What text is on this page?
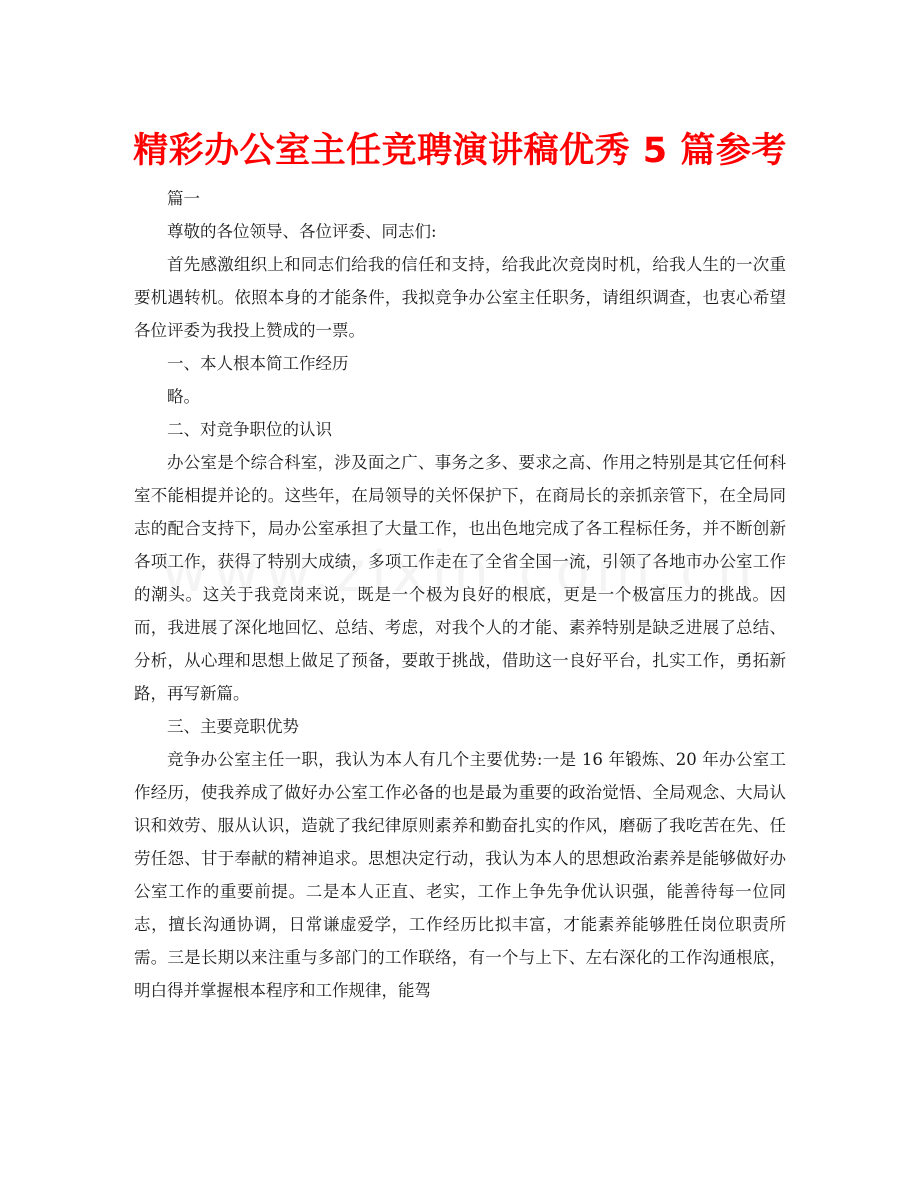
精彩办公室主任竞聘演讲稿优秀 5 篇参考

篇一

尊敬的各位领导、各位评委、同志们:

首先感激组织上和同志们给我的信任和支持，给我此次竞岗时机，给我人生的一次重要机遇转机。依照本身的才能条件，我拟竞争办公室主任职务，请组织调查，也衷心希望各位评委为我投上赞成的一票。

一、本人根本简工作经历

略。

二、对竞争职位的认识

办公室是个综合科室，涉及面之广、事务之多、要求之高、作用之特别是其它任何科室不能相提并论的。这些年，在局领导的关怀保护下，在商局长的亲抓亲管下，在全局同志的配合支持下，局办公室承担了大量工作，也出色地完成了各工程标任务，并不断创新各项工作，获得了特别大成绩，多项工作走在了全省全国一流，引领了各地市办公室工作的潮头。这关于我竞岗来说，既是一个极为良好的根底，更是一个极富压力的挑战。因而，我进展了深化地回忆、总结、考虑，对我个人的才能、素养特别是缺乏进展了总结、分析，从心理和思想上做足了预备，要敢于挑战，借助这一良好平台，扎实工作，勇拓新路，再写新篇。

三、主要竞职优势

竞争办公室主任一职，我认为本人有几个主要优势:一是 16 年锻炼、20 年办公室工作经历，使我养成了做好办公室工作必备的也是最为重要的政治觉悟、全局观念、大局认识和效劳、服从认识，造就了我纪律原则素养和勤奋扎实的作风，磨砺了我吃苦在先、任劳任怨、甘于奉献的精神追求。思想决定行动，我认为本人的思想政治素养是能够做好办公室工作的重要前提。二是本人正直、老实，工作上争先争优认识强，能善待每一位同志，擅长沟通协调，日常谦虚爱学，工作经历比拟丰富，才能素养能够胜任岗位职责所需。三是长期以来注重与多部门的工作联络，有一个与上下、左右深化的工作沟通根底，明白得并掌握根本程序和工作规律，能驾
